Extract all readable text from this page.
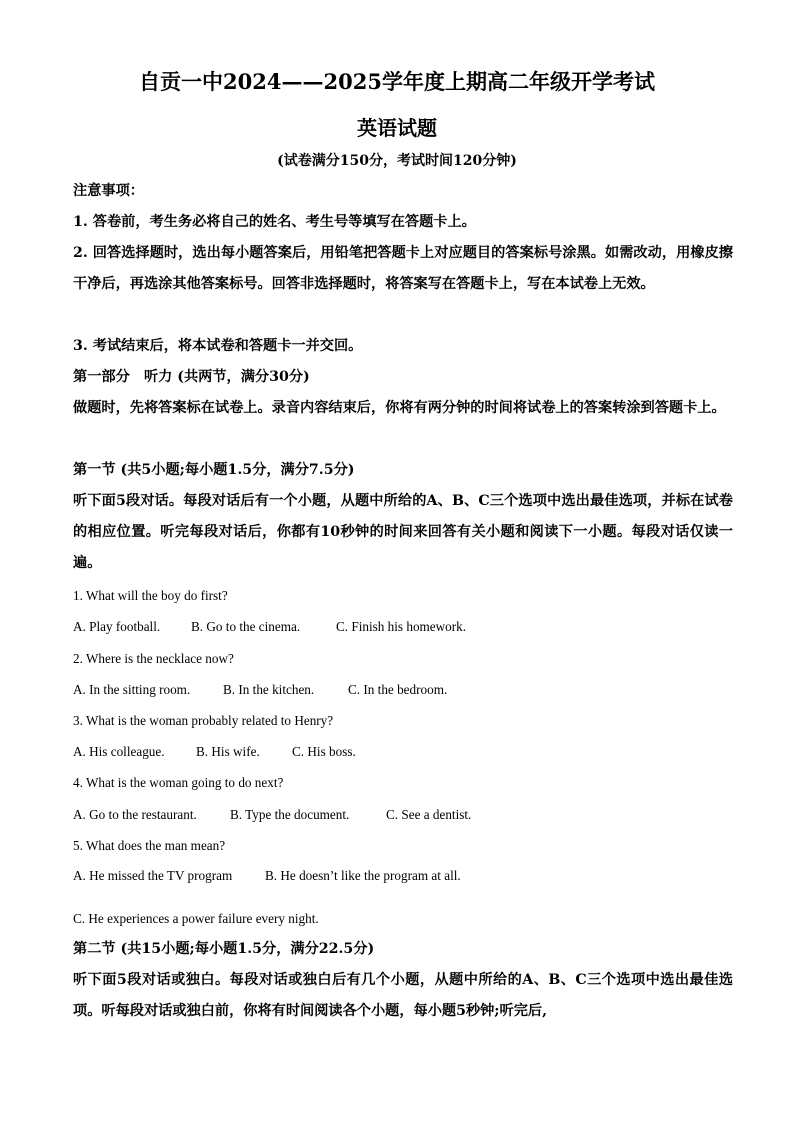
自贡一中2024——2025学年度上期高二年级开学考试
英语试题
(试卷满分150分，考试时间120分钟)

注意事项：

1. 答卷前，考生务必将自己的姓名、考生号等填写在答题卡上。

2. 回答选择题时，选出每小题答案后，用铅笔把答题卡上对应题目的答案标号涂黑。如需改动，用橡皮擦干净后，再选涂其他答案标号。回答非选择题时，将答案写在答题卡上，写在本试卷上无效。

3. 考试结束后，将本试卷和答题卡一并交回。

第一部分　听力 (共两节，满分30分)

做题时，先将答案标在试卷上。录音内容结束后，你将有两分钟的时间将试卷上的答案转涂到答题卡上。

第一节 (共5小题;每小题1.5分，满分7.5分)

听下面5段对话。每段对话后有一个小题，从题中所给的A、B、C三个选项中选出最佳选项，并标在试卷的相应位置。听完每段对话后，你都有10秒钟的时间来回答有关小题和阅读下一小题。每段对话仅读一遍。

1. What will the boy do first?

A. Play football. B. Go to the cinema.	C. Finish his homework.

2. Where is the necklace now?

A. In the sitting room. B. In the kitchen.	C. In the bedroom.

3. What is the woman probably related to Henry?

A. His colleague. B. His wife. C. His boss.

4. What is the woman going to do next?

A. Go to the restaurant.	B. Type the document.	C. See a dentist.

5. What does the man mean?

A. He missed the TV program B. He doesn’t like the program at all.

C. He experiences a power failure every night.

第二节 (共15小题;每小题1.5分，满分22.5分)

听下面5段对话或独白。每段对话或独白后有几个小题，从题中所给的A、B、C三个选项中选出最佳选项。听每段对话或独白前，你将有时间阅读各个小题，每小题5秒钟;听完后,
